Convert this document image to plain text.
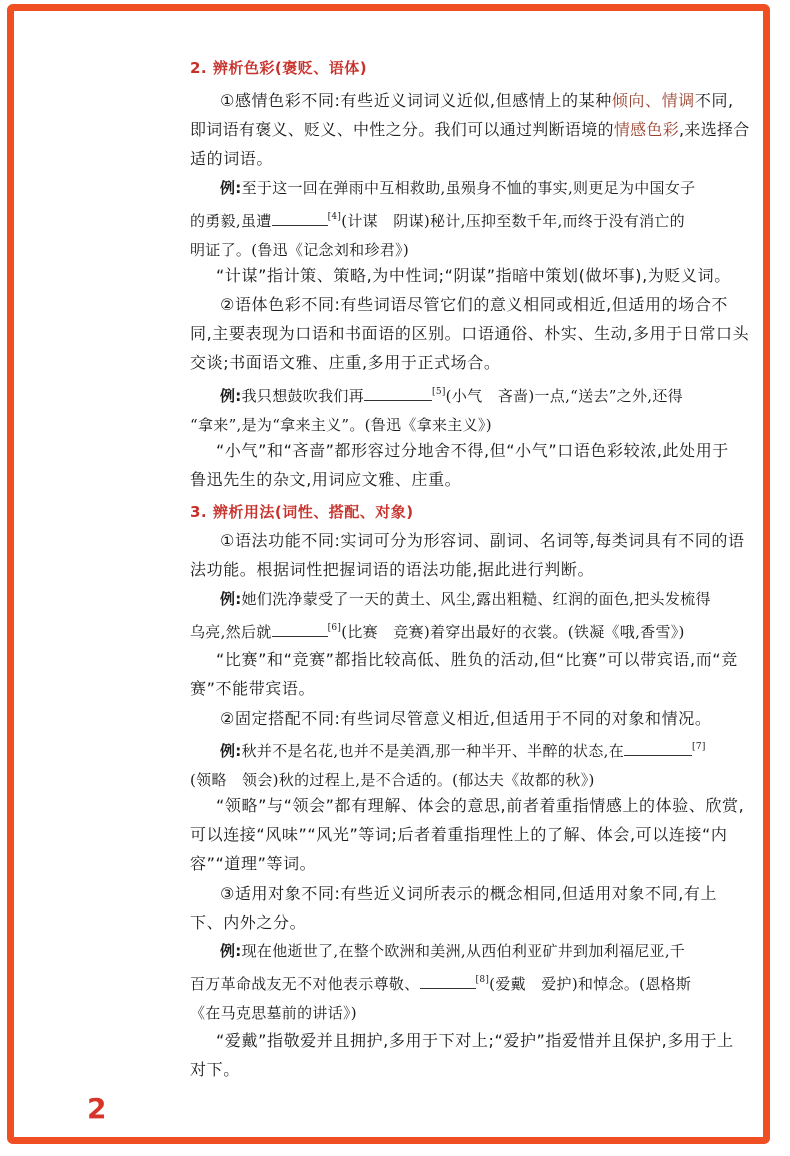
2. 辨析色彩(褒贬、语体)

①感情色彩不同:有些近义词词义近似,但感情上的某种倾向、情调不同,
即词语有褒义、贬义、中性之分。我们可以通过判断语境的情感色彩,来选择合
适的词语。

例:至于这一回在弹雨中互相救助,虽殒身不恤的事实,则更足为中国女子
的勇毅,虽遭	[4](计谋　阴谋)秘计,压抑至数千年,而终于没有消亡的
明证了。(鲁迅《记念刘和珍君》)

“计谋”指计策、策略,为中性词;“阴谋”指暗中策划(做坏事),为贬义词。

②语体色彩不同:有些词语尽管它们的意义相同或相近,但适用的场合不
同,主要表现为口语和书面语的区别。口语通俗、朴实、生动,多用于日常口头
交谈;书面语文雅、庄重,多用于正式场合。

例:我只想鼓吹我们再	[5](小气　吝啬)一点,“送去”之外,还得
“拿来”,是为“拿来主义”。(鲁迅《拿来主义》)

“小气”和“吝啬”都形容过分地舍不得,但“小气”口语色彩较浓,此处用于
鲁迅先生的杂文,用词应文雅、庄重。

3. 辨析用法(词性、搭配、对象)

①语法功能不同:实词可分为形容词、副词、名词等,每类词具有不同的语
法功能。根据词性把握词语的语法功能,据此进行判断。

例:她们洗净蒙受了一天的黄土、风尘,露出粗糙、红润的面色,把头发梳得
乌亮,然后就	[6](比赛　竞赛)着穿出最好的衣裳。(铁凝《哦,香雪》)

“比赛”和“竞赛”都指比较高低、胜负的活动,但“比赛”可以带宾语,而“竞
赛”不能带宾语。

②固定搭配不同:有些词尽管意义相近,但适用于不同的对象和情况。

例:秋并不是名花,也并不是美酒,那一种半开、半醉的状态,在	[7]
(领略　领会)秋的过程上,是不合适的。(郁达夫《故都的秋》)

“领略”与“领会”都有理解、体会的意思,前者着重指情感上的体验、欣赏,
可以连接“风味”“风光”等词;后者着重指理性上的了解、体会,可以连接“内
容”“道理”等词。

③适用对象不同:有些近义词所表示的概念相同,但适用对象不同,有上
下、内外之分。

例:现在他逝世了,在整个欧洲和美洲,从西伯利亚矿井到加利福尼亚,千
百万革命战友无不对他表示尊敬、	[8](爱戴　爱护)和悼念。(恩格斯
《在马克思墓前的讲话》)

“爱戴”指敬爱并且拥护,多用于下对上;“爱护”指爱惜并且保护,多用于上
对下。

2
